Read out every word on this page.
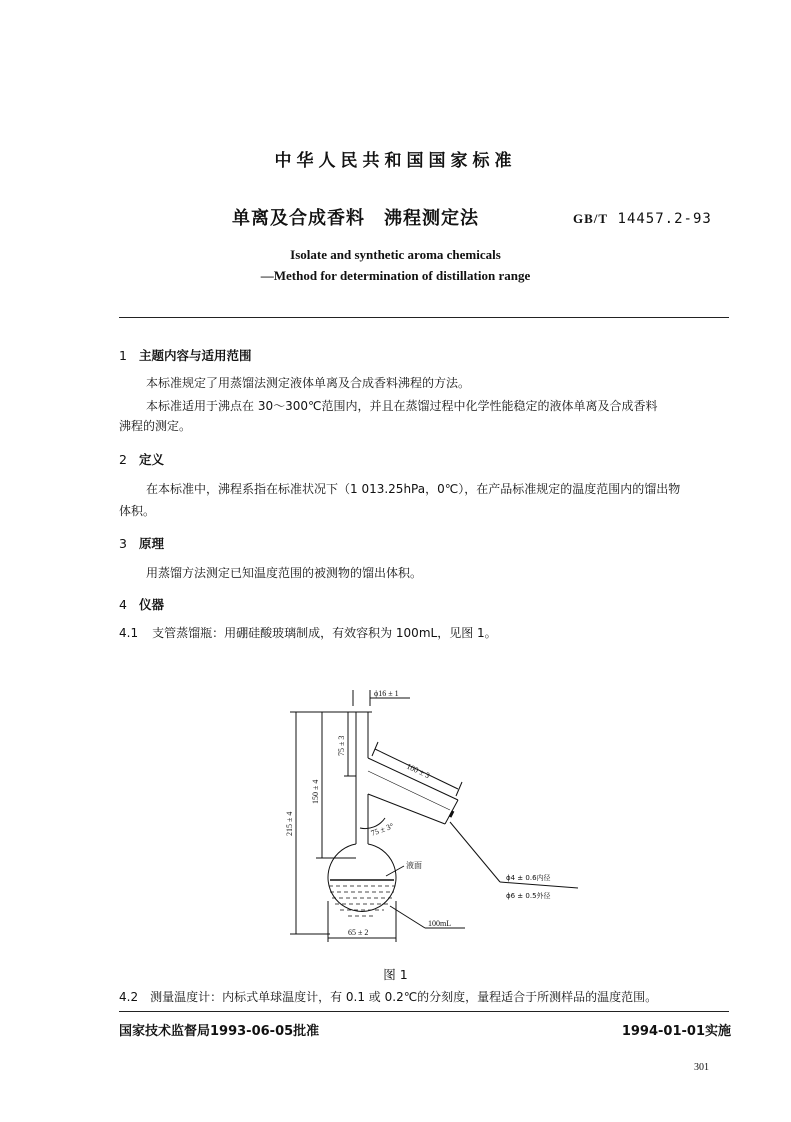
中华人民共和国国家标准
单离及合成香料　沸程测定法	GB/T 14457.2-93
Isolate and synthetic aroma chemicals
—Method for determination of distillation range
1 主题内容与适用范围
本标准规定了用蒸馏法测定液体单离及合成香料沸程的方法。
本标准适用于沸点在 30～300℃范围内，并且在蒸馏过程中化学性能稳定的液体单离及合成香料
沸程的测定。
2 定义
在本标准中，沸程系指在标准状况下（1 013.25hPa，0℃），在产品标准规定的温度范围内的馏出物
体积。
3 原理
用蒸馏方法测定已知温度范围的被测物的馏出体积。
4 仪器
4.1 支管蒸馏瓶：用硼硅酸玻璃制成，有效容积为 100mL，见图 1。
ϕ16 ± 1
100 ± 3
75 ± 3°
75 ± 3
150 ± 4
215 ± 4
液面
ϕ4 ± 0.6内径
ϕ6 ± 0.5外径
100mL
65 ± 2
图 1
4.2 测量温度计：内标式单球温度计，有 0.1 或 0.2℃的分刻度，量程适合于所测样品的温度范围。
国家技术监督局1993-06-05批准	1994-01-01实施
301
